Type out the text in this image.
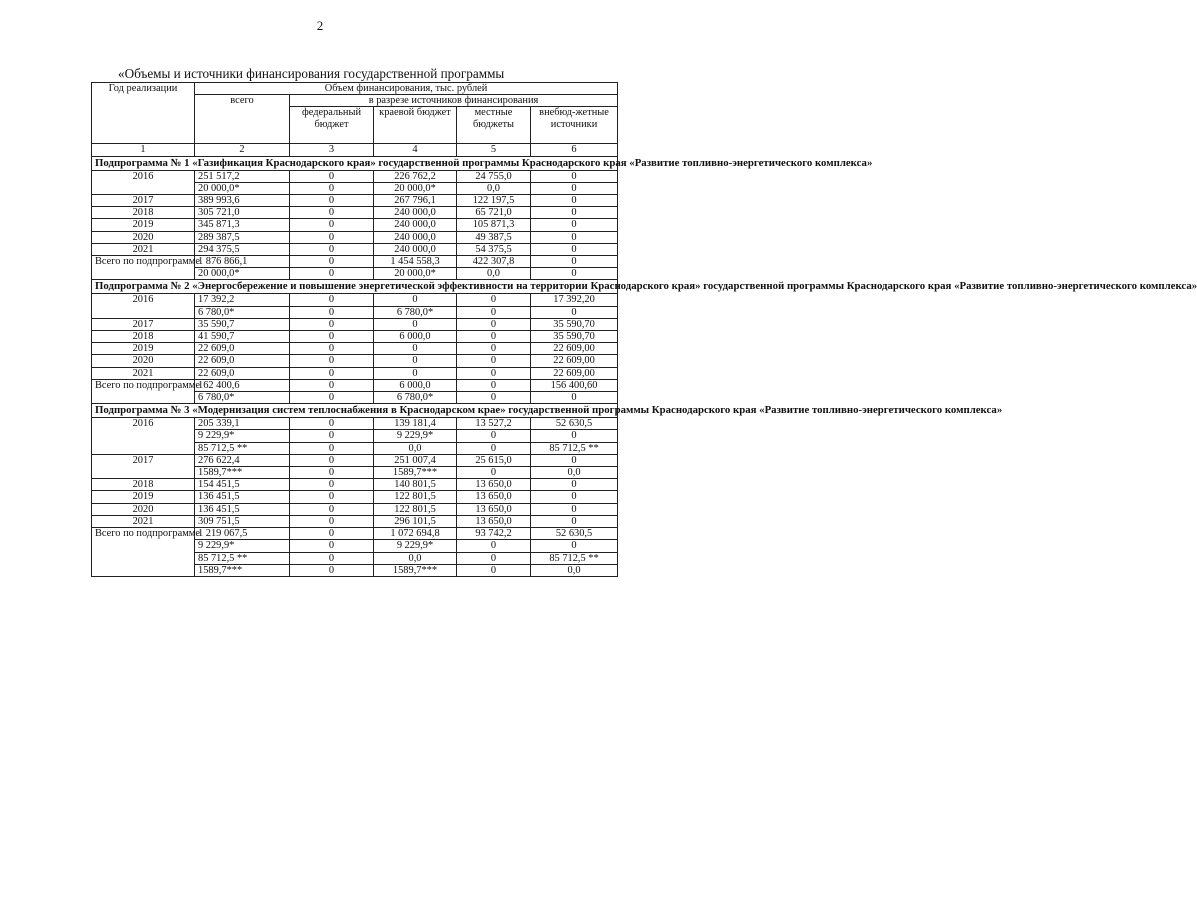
2
«Объемы и источники финансирования государственной программы
Год реализации	Объем финансирования, тыс. рублей				
	всего	в разрезе источников финансирования			
		федеральный бюджет	краевой бюджет	местные бюджеты	внебюд-жетные источники
1	2	3	4	5	6
Подпрограмма № 1 «Газификация Краснодарского края» государственной программы Краснодарского края «Развитие топливно-энергетического комплекса»					
2016	251 517,2	0	226 762,2	24 755,0	0
	20 000,0*	0	20 000,0*	0,0	0
2017	389 993,6	0	267 796,1	122 197,5	0
2018	305 721,0	0	240 000,0	65 721,0	0
2019	345 871,3	0	240 000,0	105 871,3	0
2020	289 387,5	0	240 000,0	49 387,5	0
2021	294 375,5	0	240 000,0	54 375,5	0
Всего по подпрограмме	1 876 866,1	0	1 454 558,3	422 307,8	0
	20 000,0*	0	20 000,0*	0,0	0
Подпрограмма № 2 «Энергосбережение и повышение энергетической эффективности на территории Краснодарского края» государственной программы Краснодарского края «Развитие топливно-энергетического комплекса»					
2016	17 392,2	0	0	0	17 392,20
	6 780,0*	0	6 780,0*	0	0
2017	35 590,7	0	0	0	35 590,70
2018	41 590,7	0	6 000,0	0	35 590,70
2019	22 609,0	0	0	0	22 609,00
2020	22 609,0	0	0	0	22 609,00
2021	22 609,0	0	0	0	22 609,00
Всего по подпрограмме	162 400,6	0	6 000,0	0	156 400,60
	6 780,0*	0	6 780,0*	0	0
Подпрограмма № 3 «Модернизация систем теплоснабжения в Краснодарском крае» государственной программы Краснодарского края «Развитие топливно-энергетического комплекса»					
2016	205 339,1	0	139 181,4	13 527,2	52 630,5
	9 229,9*	0	9 229,9*	0	0
	85 712,5 **	0	0,0	0	85 712,5 **
2017	276 622,4	0	251 007,4	25 615,0	0
	1589,7***	0	1589,7***	0	0,0
2018	154 451,5	0	140 801,5	13 650,0	0
2019	136 451,5	0	122 801,5	13 650,0	0
2020	136 451,5	0	122 801,5	13 650,0	0
2021	309 751,5	0	296 101,5	13 650,0	0
Всего по подпрограмме	1 219 067,5	0	1 072 694,8	93 742,2	52 630,5
	9 229,9*	0	9 229,9*	0	0
	85 712,5 **	0	0,0	0	85 712,5 **
	1589,7***	0	1589,7***	0	0,0
